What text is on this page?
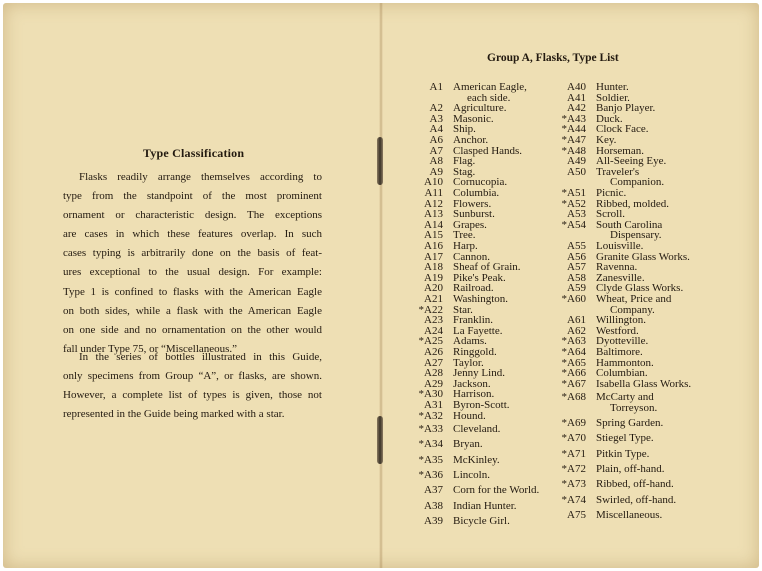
Type Classification
Flasks readily arrange themselves according to
type from the standpoint of the most prominent
ornament or characteristic design. The exceptions
are cases in which these features overlap. In such
cases typing is arbitrarily done on the basis of feat-
ures exceptional to the usual design. For example:
Type 1 is confined to flasks with the American Eagle
on both sides, while a flask with the American Eagle
on one side and no ornamentation on the other would
fall under Type 75, or “Miscellaneous.”
In the series of bottles illustrated in this Guide,
only specimens from Group “A”, or flasks, are shown.
However, a complete list of types is given, those not
represented in the Guide being marked with a star.
Group A, Flasks, Type List
A1 American Eagle,
each side.
A2 Agriculture.
A3 Masonic.
A4 Ship.
A6 Anchor.
A7 Clasped Hands.
A8 Flag.
A9 Stag.
A10 Cornucopia.
A11 Columbia.
A12 Flowers.
A13 Sunburst.
A14 Grapes.
A15 Tree.
A16 Harp.
A17 Cannon.
A18 Sheaf of Grain.
A19 Pike's Peak.
A20 Railroad.
A21 Washington.
*A22 Star.
A23 Franklin.
A24 La Fayette.
*A25 Adams.
A26 Ringgold.
A27 Taylor.
A28 Jenny Lind.
A29 Jackson.
*A30 Harrison.
A31 Byron-Scott.
*A32 Hound.
*A33 Cleveland.
*A34 Bryan.
*A35 McKinley.
*A36 Lincoln.
A37 Corn for the World.
A38 Indian Hunter.
A39 Bicycle Girl.
A40 Hunter.
A41 Soldier.
A42 Banjo Player.
*A43 Duck.
*A44 Clock Face.
*A47 Key.
*A48 Horseman.
A49 All-Seeing Eye.
A50 Traveler's
Companion.
*A51 Picnic.
*A52 Ribbed, molded.
A53 Scroll.
*A54 South Carolina
Dispensary.
A55 Louisville.
A56 Granite Glass Works.
A57 Ravenna.
A58 Zanesville.
A59 Clyde Glass Works.
*A60 Wheat, Price and
Company.
A61 Willington.
A62 Westford.
*A63 Dyotteville.
*A64 Baltimore.
*A65 Hammonton.
*A66 Columbian.
*A67 Isabella Glass Works.
*A68 McCarty and
Torreyson.
*A69 Spring Garden.
*A70 Stiegel Type.
*A71 Pitkin Type.
*A72 Plain, off-hand.
*A73 Ribbed, off-hand.
*A74 Swirled, off-hand.
A75 Miscellaneous.
